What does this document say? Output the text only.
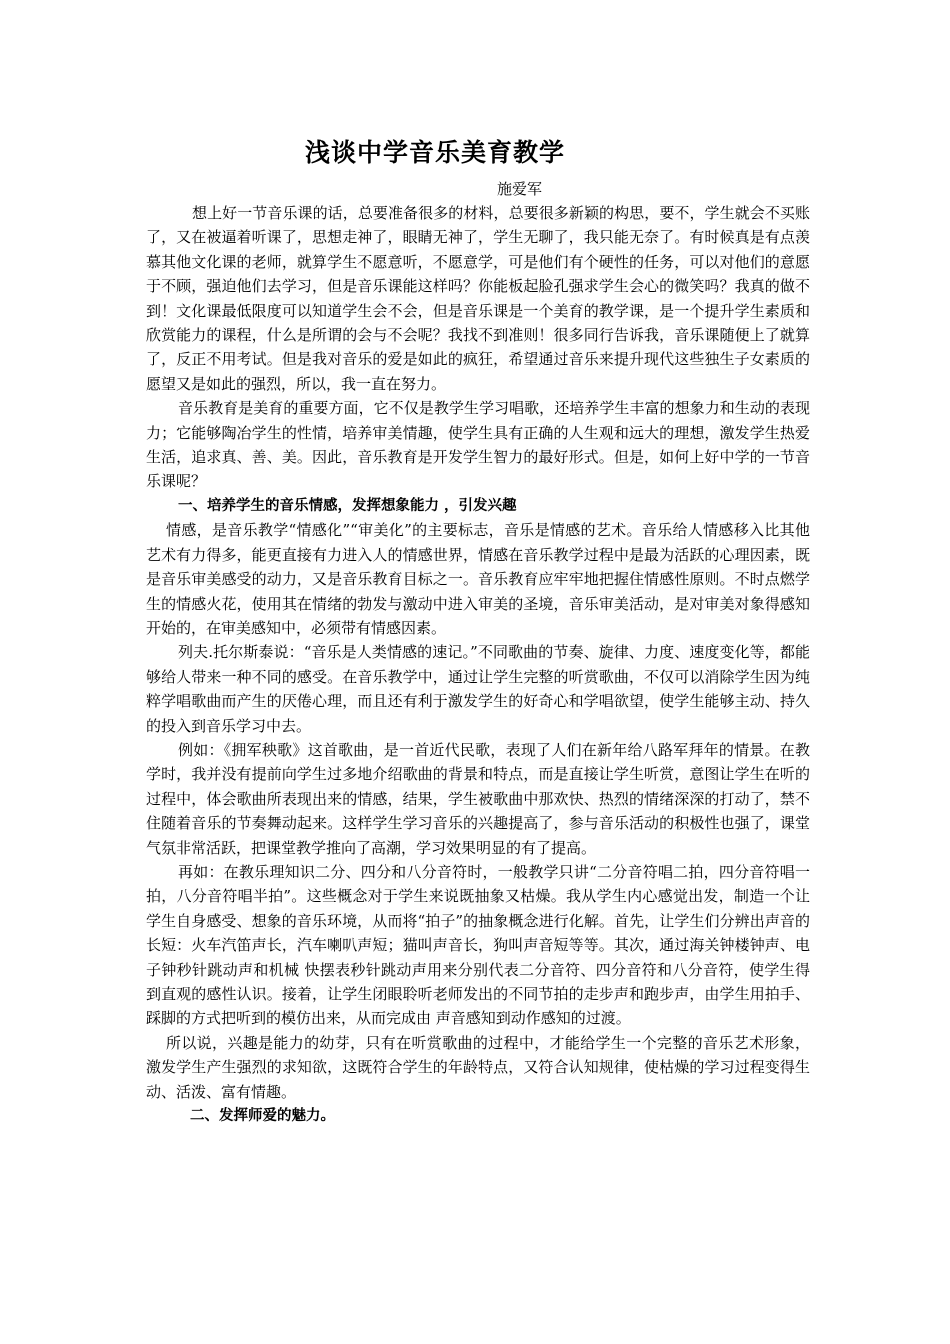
浅谈中学音乐美育教学
施爱军

想上好一节音乐课的话，总要准备很多的材料，总要很多新颖的构思，要不，学生就会不买账了，又在被逼着听课了，思想走神了，眼睛无神了，学生无聊了，我只能无奈了。有时候真是有点羡慕其他文化课的老师，就算学生不愿意听，不愿意学，可是他们有个硬性的任务，可以对他们的意愿于不顾，强迫他们去学习，但是音乐课能这样吗？你能板起脸孔强求学生会心的微笑吗？我真的做不到！文化课最低限度可以知道学生会不会，但是音乐课是一个美育的教学课，是一个提升学生素质和欣赏能力的课程，什么是所谓的会与不会呢？我找不到准则！很多同行告诉我，音乐课随便上了就算了，反正不用考试。但是我对音乐的爱是如此的疯狂，希望通过音乐来提升现代这些独生子女素质的愿望又是如此的强烈，所以，我一直在努力。

音乐教育是美育的重要方面，它不仅是教学生学习唱歌，还培养学生丰富的想象力和生动的表现力；它能够陶冶学生的性情，培养审美情趣，使学生具有正确的人生观和远大的理想，激发学生热爱生活，追求真、善、美。因此，音乐教育是开发学生智力的最好形式。但是，如何上好中学的一节音乐课呢？

一、培养学生的音乐情感，发挥想象能力 ，引发兴趣

情感，是音乐教学“情感化”“审美化”的主要标志，音乐是情感的艺术。音乐给人情感移入比其他艺术有力得多，能更直接有力进入人的情感世界，情感在音乐教学过程中是最为活跃的心理因素，既是音乐审美感受的动力，又是音乐教育目标之一。音乐教育应牢牢地把握住情感性原则。不时点燃学生的情感火花，使用其在情绪的勃发与激动中进入审美的圣境，音乐审美活动，是对审美对象得感知开始的，在审美感知中，必须带有情感因素。

列夫.托尔斯泰说：“音乐是人类情感的速记。”不同歌曲的节奏、旋律、力度、速度变化等，都能够给人带来一种不同的感受。在音乐教学中，通过让学生完整的听赏歌曲，不仅可以消除学生因为纯粹学唱歌曲而产生的厌倦心理，而且还有利于激发学生的好奇心和学唱欲望，使学生能够主动、持久的投入到音乐学习中去。

例如：《拥军秧歌》这首歌曲，是一首近代民歌，表现了人们在新年给八路军拜年的情景。在教学时，我并没有提前向学生过多地介绍歌曲的背景和特点，而是直接让学生听赏，意图让学生在听的过程中，体会歌曲所表现出来的情感，结果，学生被歌曲中那欢快、热烈的情绪深深的打动了，禁不住随着音乐的节奏舞动起来。这样学生学习音乐的兴趣提高了，参与音乐活动的积极性也强了，课堂气氛非常活跃，把课堂教学推向了高潮，学习效果明显的有了提高。

再如：在教乐理知识二分、四分和八分音符时，一般教学只讲“二分音符唱二拍，四分音符唱一拍，八分音符唱半拍”。这些概念对于学生来说既抽象又枯燥。我从学生内心感觉出发，制造一个让学生自身感受、想象的音乐环境，从而将“拍子”的抽象概念进行化解。首先，让学生们分辨出声音的长短：火车汽笛声长，汽车喇叭声短；猫叫声音长，狗叫声音短等等。其次，通过海关钟楼钟声、电子钟秒针跳动声和机械 快摆表秒针跳动声用来分别代表二分音符、四分音符和八分音符，使学生得到直观的感性认识。接着，让学生闭眼聆听老师发出的不同节拍的走步声和跑步声，由学生用拍手、踩脚的方式把听到的模仿出来，从而完成由 声音感知到动作感知的过渡。

所以说，兴趣是能力的幼芽，只有在听赏歌曲的过程中，才能给学生一个完整的音乐艺术形象，激发学生产生强烈的求知欲，这既符合学生的年龄特点，又符合认知规律，使枯燥的学习过程变得生动、活泼、富有情趣。

二、发挥师爱的魅力。
